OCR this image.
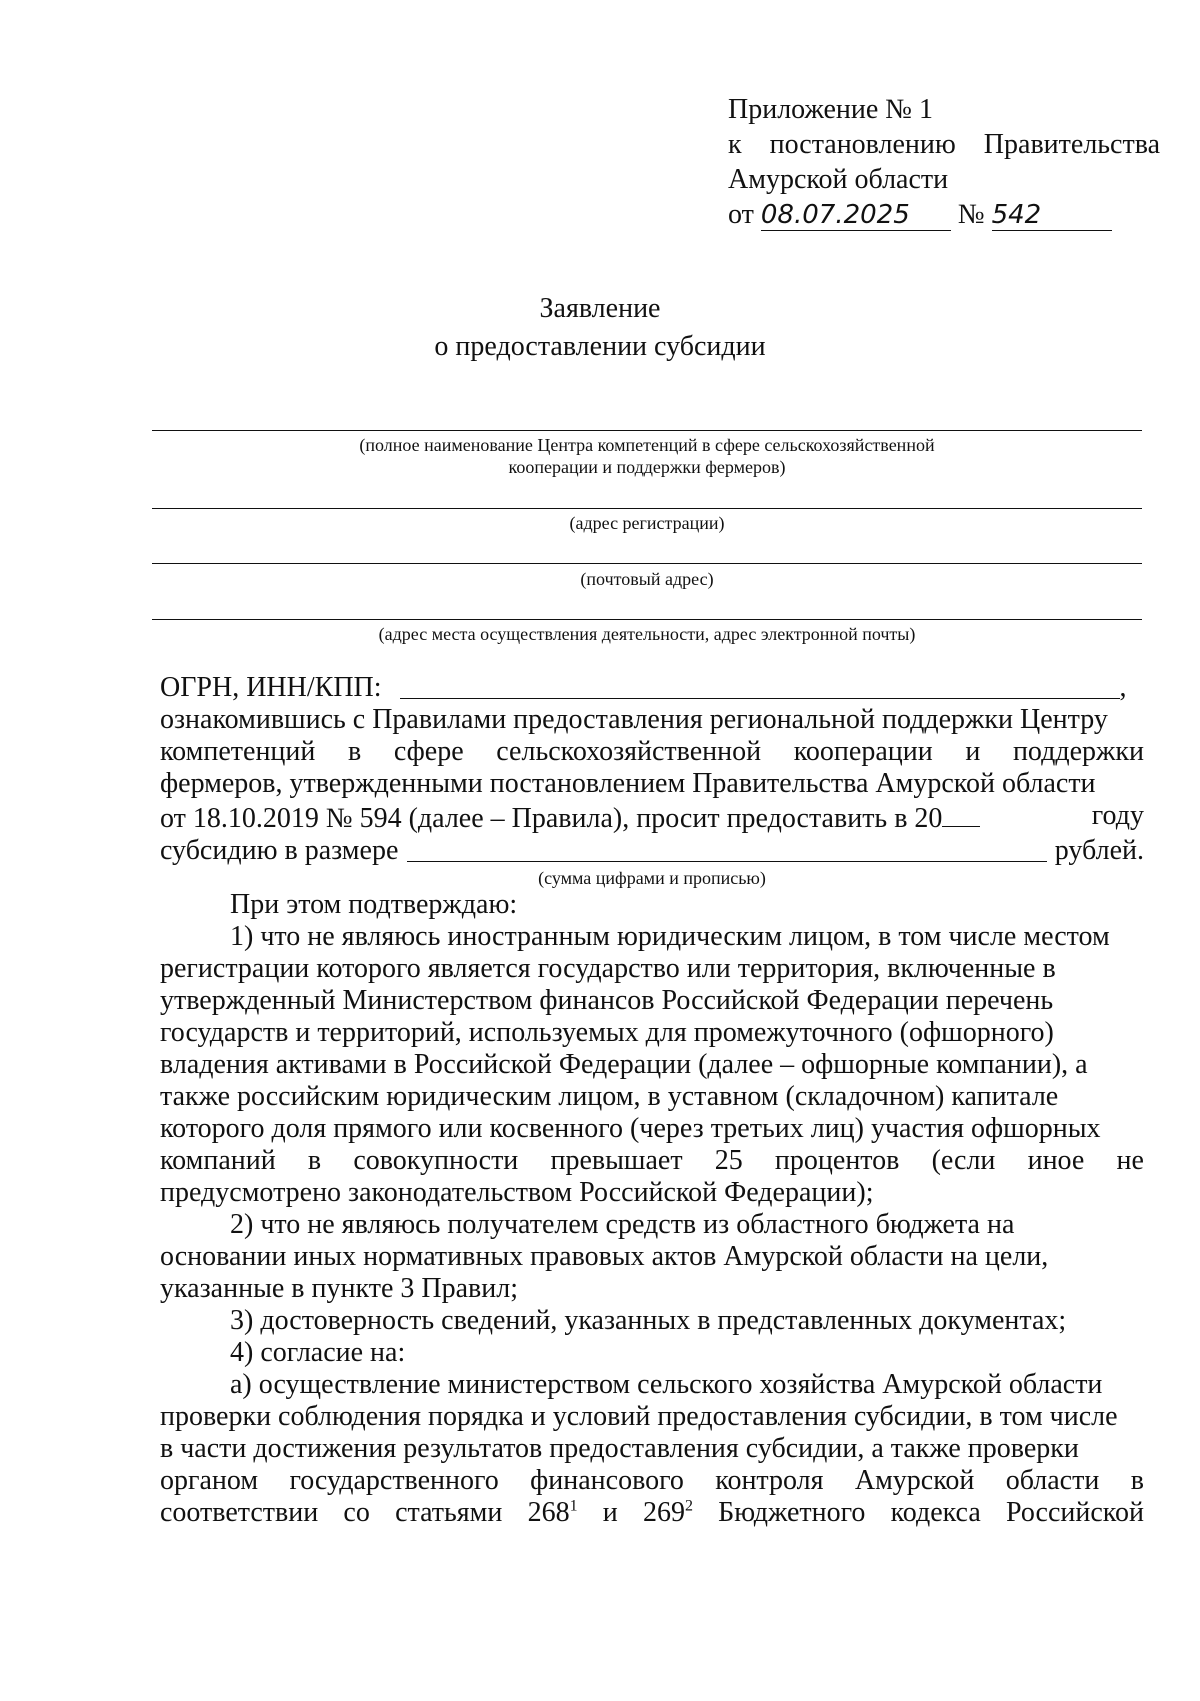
Приложение № 1
к постановлению Правительства
Амурской области
от 08.07.2025 № 542
Заявление
о предоставлении субсидии
(полное наименование Центра компетенций в сфере сельскохозяйственной
кооперации и поддержки фермеров)
(адрес регистрации)
(почтовый адрес)
(адрес места осуществления деятельности, адрес электронной почты)
ОГРН, ИНН/КПП:	,
ознакомившись с Правилами предоставления региональной поддержки Центру
компетенций в сфере сельскохозяйственной кооперации и поддержки
фермеров, утвержденными постановлением Правительства Амурской области
от 18.10.2019 № 594 (далее – Правила), просит предоставить в 20	году
субсидию в размере	рублей.
(сумма цифрами и прописью)
При этом подтверждаю:
1) что не являюсь иностранным юридическим лицом, в том числе местом
регистрации которого является государство или территория, включенные в
утвержденный Министерством финансов Российской Федерации перечень
государств и территорий, используемых для промежуточного (офшорного)
владения активами в Российской Федерации (далее – офшорные компании), а
также российским юридическим лицом, в уставном (складочном) капитале
которого доля прямого или косвенного (через третьих лиц) участия офшорных
компаний в совокупности превышает 25 процентов (если иное не
предусмотрено законодательством Российской Федерации);
2) что не являюсь получателем средств из областного бюджета на
основании иных нормативных правовых актов Амурской области на цели,
указанные в пункте 3 Правил;
3) достоверность сведений, указанных в представленных документах;
4) согласие на:
а) осуществление министерством сельского хозяйства Амурской области
проверки соблюдения порядка и условий предоставления субсидии, в том числе
в части достижения результатов предоставления субсидии, а также проверки
органом государственного финансового контроля Амурской области в
соответствии со статьями $268^1$ и $269^2$ Бюджетного кодекса Российской
